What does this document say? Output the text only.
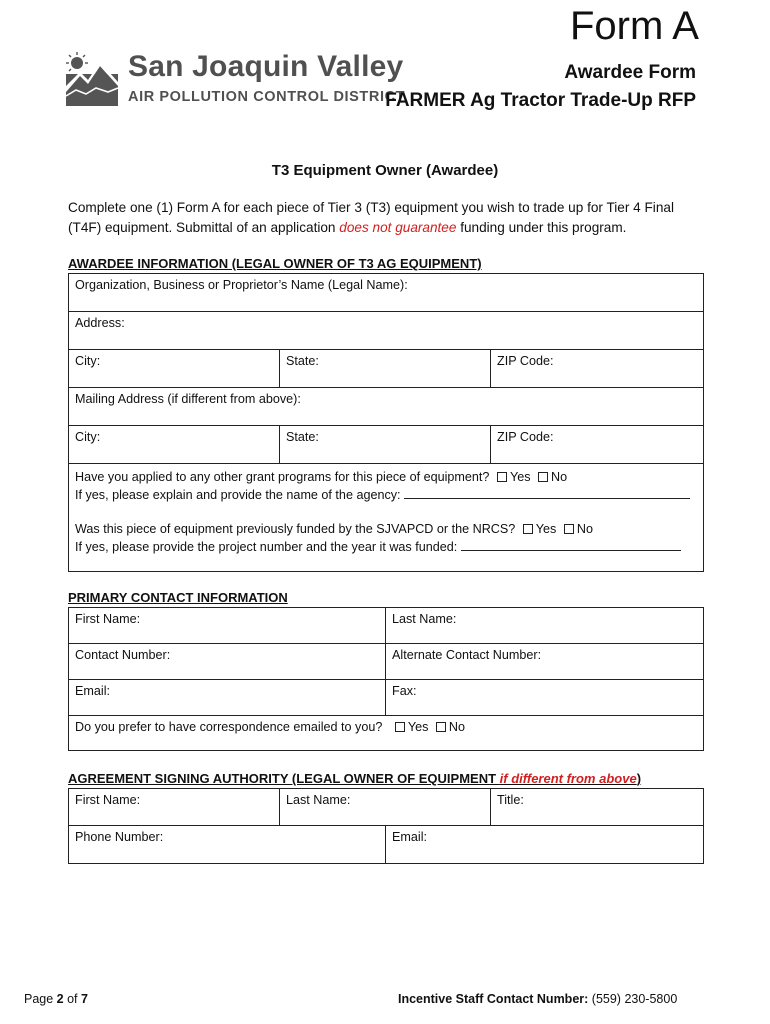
Form A
San Joaquin Valley
AIR POLLUTION CONTROL DISTRICT
Awardee Form
FARMER Ag Tractor Trade-Up RFP
T3 Equipment Owner (Awardee)
Complete one (1) Form A for each piece of Tier 3 (T3) equipment you wish to trade up for Tier 4 Final (T4F) equipment. Submittal of an application does not guarantee funding under this program.
AWARDEE INFORMATION (LEGAL OWNER OF T3 AG EQUIPMENT)
Organization, Business or Proprietor’s Name (Legal Name):		
Address:		
City:	State:	ZIP Code:
Mailing Address (if different from above):		
City:	State:	ZIP Code:

Have you applied to any other grant programs for this piece of equipment? Yes No
If yes, please explain and provide the name of the agency:
Was this piece of equipment previously funded by the SJVAPCD or the NRCS? Yes No
If yes, please provide the project number and the year it was funded:		
PRIMARY CONTACT INFORMATION
First Name:	Last Name:
Contact Number:	Alternate Contact Number:
Email:	Fax:
Do you prefer to have correspondence emailed to you? Yes No	
AGREEMENT SIGNING AUTHORITY (LEGAL OWNER OF EQUIPMENT if different from above)
First Name:	Last Name:		Title:
Phone Number:		Email:	
Page 2 of 7	Incentive Staff Contact Number: (559) 230-5800
